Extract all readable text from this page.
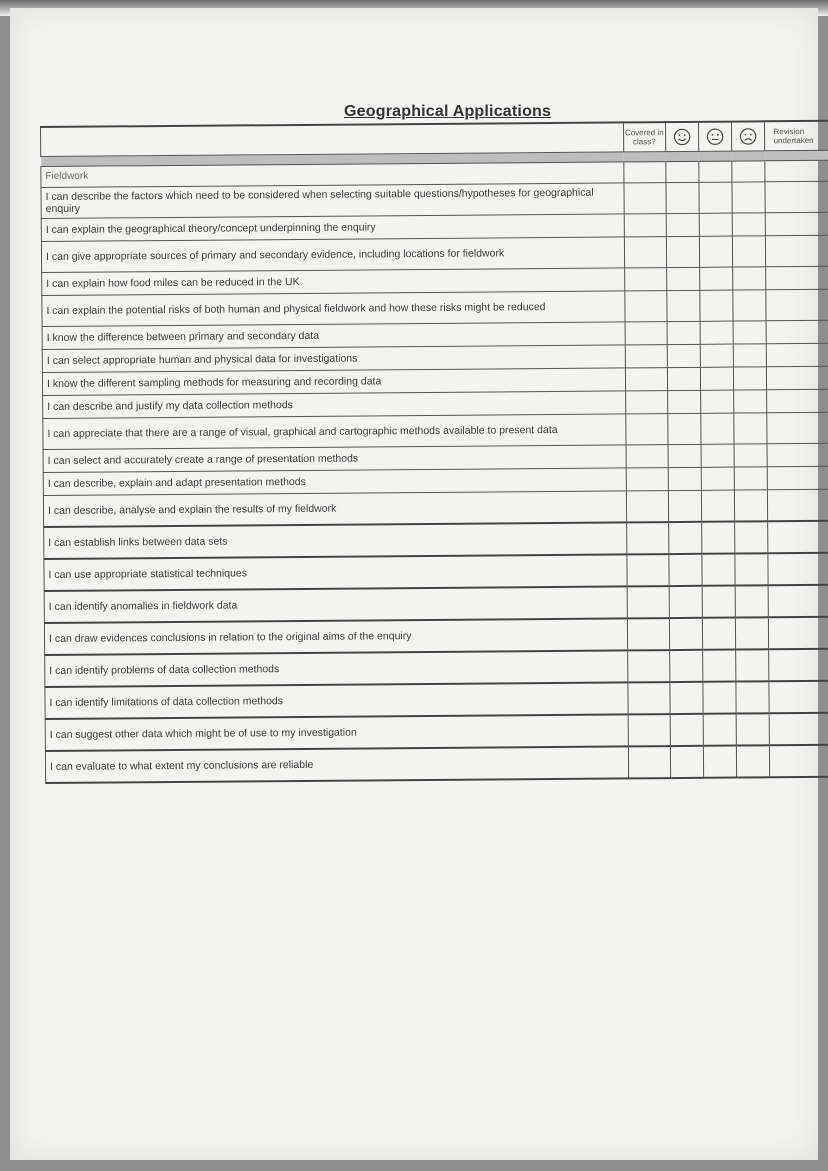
Geographical Applications
	Covered in class?				Revision undertaken

Fieldwork					
I can describe the factors which need to be considered when selecting suitable questions/hypotheses for geographical enquiry					
I can explain the geographical theory/concept underpinning the enquiry					
I can give appropriate sources of primary and secondary evidence, including locations for fieldwork					
I can explain how food miles can be reduced in the UK					
I can explain the potential risks of both human and physical fieldwork and how these risks might be reduced					
I know the difference between primary and secondary data					
I can select appropriate human and physical data for investigations					
I know the different sampling methods for measuring and recording data					
I can describe and justify my data collection methods					
I can appreciate that there are a range of visual, graphical and cartographic methods available to present data					
I can select and accurately create a range of presentation methods					
I can describe, explain and adapt presentation methods					
I can describe, analyse and explain the results of my fieldwork					
I can establish links between data sets					
I can use appropriate statistical techniques					
I can identify anomalies in fieldwork data					
I can draw evidences conclusions in relation to the original aims of the enquiry					
I can identify problems of data collection methods					
I can identify limitations of data collection methods					
I can suggest other data which might be of use to my investigation					
I can evaluate to what extent my conclusions are reliable					
